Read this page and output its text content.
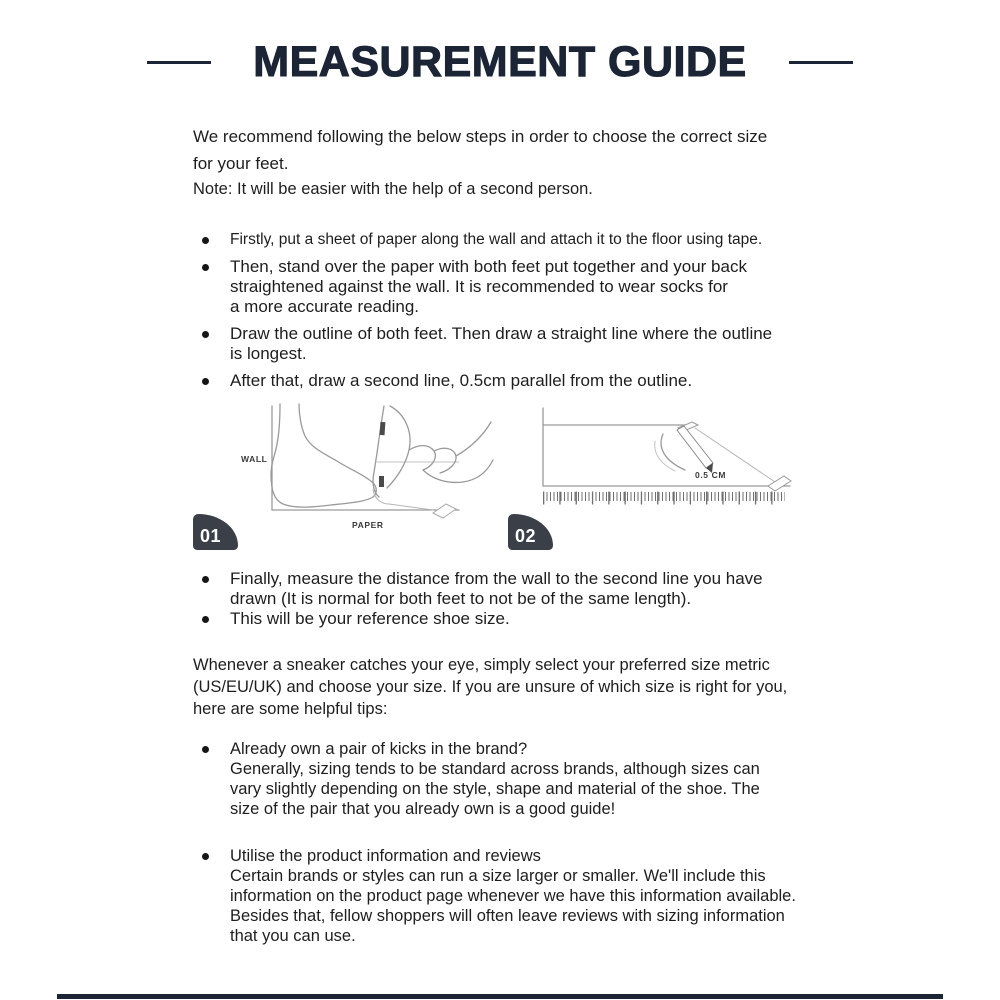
MEASUREMENT GUIDE
We recommend following the below steps in order to choose the correct size
for your feet.
Note: It will be easier with the help of a second person.
Firstly, put a sheet of paper along the wall and attach it to the floor using tape.
Then, stand over the paper with both feet put together and your back
straightened against the wall. It is recommended to wear socks for
a more accurate reading.
Draw the outline of both feet. Then draw a straight line where the outline
is longest.
After that, draw a second line, 0.5cm parallel from the outline.
WALL
PAPER
0.5 CM
01	02
Finally, measure the distance from the wall to the second line you have
drawn (It is normal for both feet to not be of the same length).
This will be your reference shoe size.
Whenever a sneaker catches your eye, simply select your preferred size metric
(US/EU/UK) and choose your size. If you are unsure of which size is right for you,
here are some helpful tips:
Already own a pair of kicks in the brand?
Generally, sizing tends to be standard across brands, although sizes can
vary slightly depending on the style, shape and material of the shoe. The
size of the pair that you already own is a good guide!
Utilise the product information and reviews
Certain brands or styles can run a size larger or smaller. We'll include this
information on the product page whenever we have this information available.
Besides that, fellow shoppers will often leave reviews with sizing information
that you can use.
